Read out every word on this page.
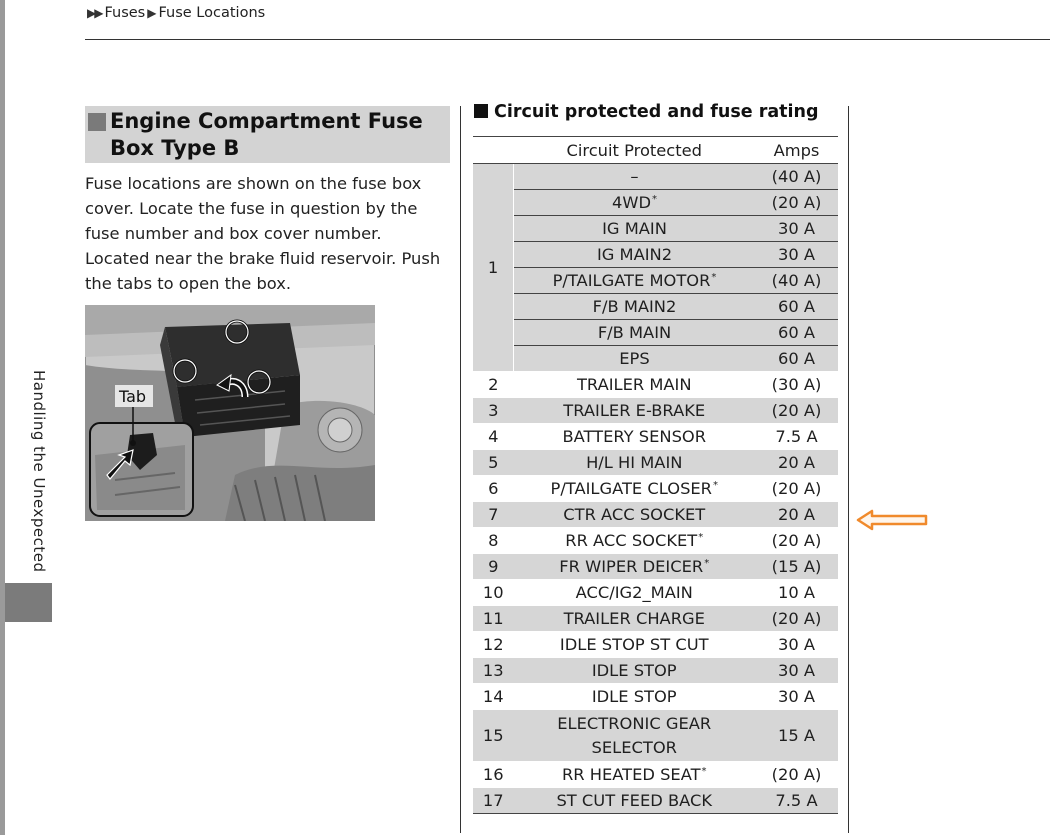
Handling the Unexpected
▶▶ Fuses ▶ Fuse Locations
Engine Compartment Fuse
Box Type B
Fuse locations are shown on the fuse box
cover. Locate the fuse in question by the
fuse number and box cover number.
Located near the brake fluid reservoir. Push
the tabs to open the box.
Tab
Circuit protected and fuse rating
	Circuit Protected	Amps
1	–	(40 A)
	4WD*	(20 A)
	IG MAIN	30 A
	IG MAIN2	30 A
	P/TAILGATE MOTOR*	(40 A)
	F/B MAIN2	60 A
	F/B MAIN	60 A
	EPS	60 A
2	TRAILER MAIN	(30 A)
3	TRAILER E-BRAKE	(20 A)
4	BATTERY SENSOR	7.5 A
5	H/L HI MAIN	20 A
6	P/TAILGATE CLOSER*	(20 A)
7	CTR ACC SOCKET	20 A
8	RR ACC SOCKET*	(20 A)
9	FR WIPER DEICER*	(15 A)
10	ACC/IG2_MAIN	10 A
11	TRAILER CHARGE	(20 A)
12	IDLE STOP ST CUT	30 A
13	IDLE STOP	30 A
14	IDLE STOP	30 A
15	ELECTRONIC GEAR
SELECTOR	15 A
16	RR HEATED SEAT*	(20 A)
17	ST CUT FEED BACK	7.5 A
